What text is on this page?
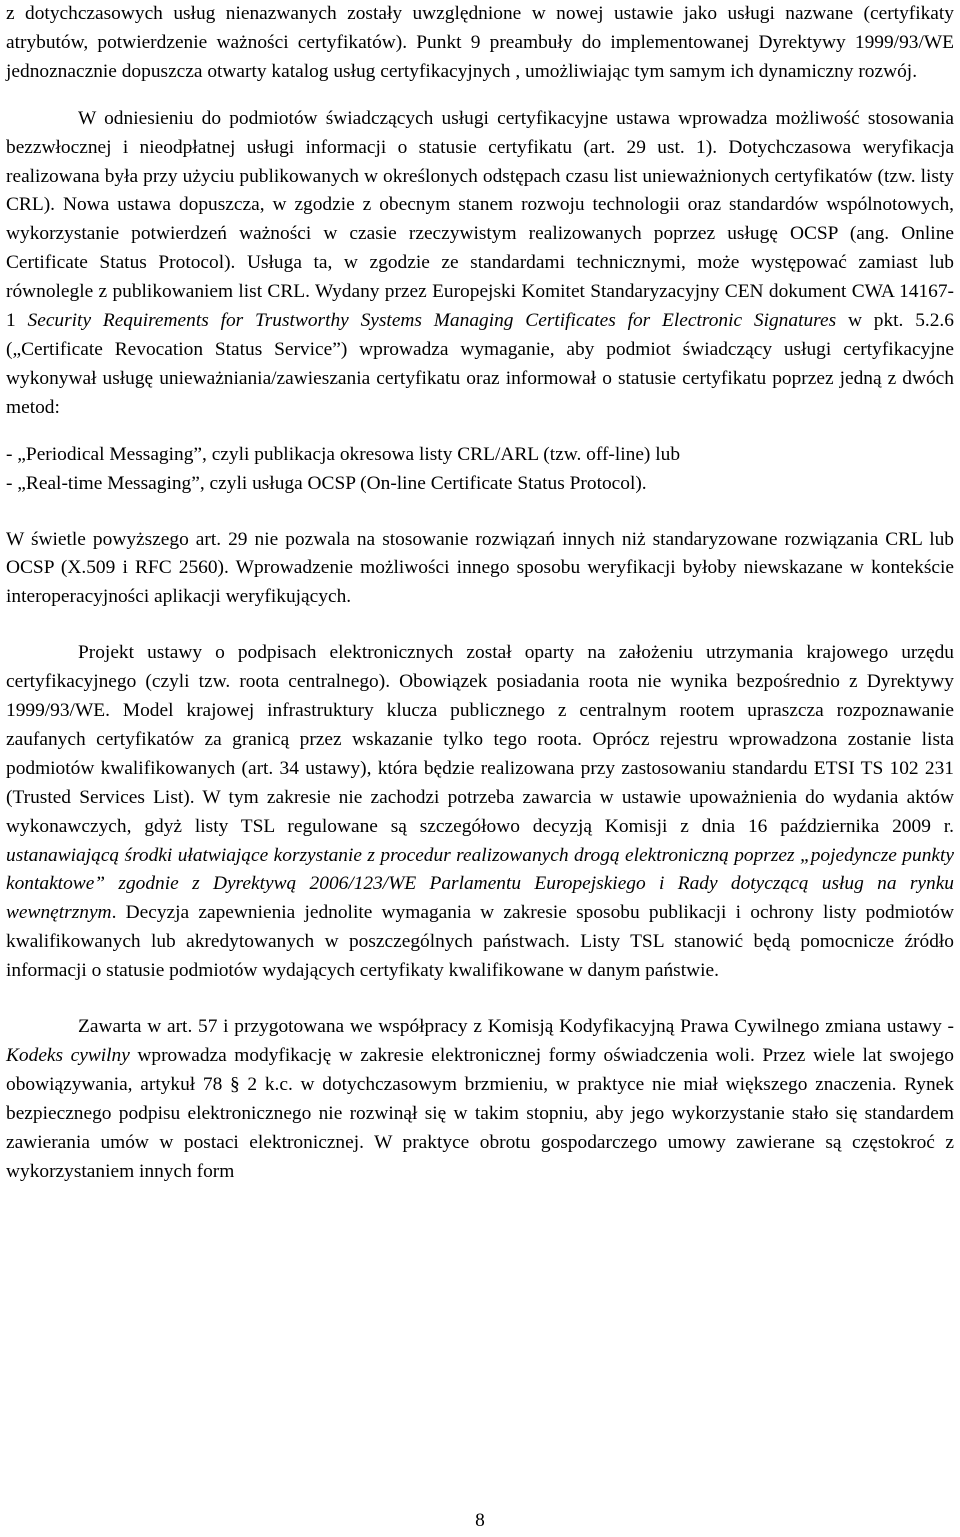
z dotychczasowych usług nienazwanych zostały uwzględnione w nowej ustawie jako usługi nazwane (certyfikaty atrybutów, potwierdzenie ważności certyfikatów). Punkt 9 preambuły do implementowanej Dyrektywy 1999/93/WE jednoznacznie dopuszcza otwarty katalog usług certyfikacyjnych , umożliwiając tym samym ich dynamiczny rozwój.

W odniesieniu do podmiotów świadczących usługi certyfikacyjne ustawa wprowadza możliwość stosowania bezzwłocznej i nieodpłatnej usługi informacji o statusie certyfikatu (art. 29 ust. 1). Dotychczasowa weryfikacja realizowana była przy użyciu publikowanych w określonych odstępach czasu list unieważnionych certyfikatów (tzw. listy CRL). Nowa ustawa dopuszcza, w zgodzie z obecnym stanem rozwoju technologii oraz standardów wspólnotowych, wykorzystanie potwierdzeń ważności w czasie rzeczywistym realizowanych poprzez usługę OCSP (ang. Online Certificate Status Protocol). Usługa ta, w zgodzie ze standardami technicznymi, może występować zamiast lub równolegle z publikowaniem list CRL. Wydany przez Europejski Komitet Standaryzacyjny CEN dokument CWA 14167-1 Security Requirements for Trustworthy Systems Managing Certificates for Electronic Signatures w pkt. 5.2.6 („Certificate Revocation Status Service”) wprowadza wymaganie, aby podmiot świadczący usługi certyfikacyjne wykonywał usługę unieważniania/zawieszania certyfikatu oraz informował o statusie certyfikatu poprzez jedną z dwóch metod:

- „Periodical Messaging”, czyli publikacja okresowa listy CRL/ARL (tzw. off-line) lub
- „Real-time Messaging”, czyli usługa OCSP (On-line Certificate Status Protocol).

W świetle powyższego art. 29 nie pozwala na stosowanie rozwiązań innych niż standaryzowane rozwiązania CRL lub OCSP (X.509 i RFC 2560). Wprowadzenie możliwości innego sposobu weryfikacji byłoby niewskazane w kontekście interoperacyjności aplikacji weryfikujących.

Projekt ustawy o podpisach elektronicznych został oparty na założeniu utrzymania krajowego urzędu certyfikacyjnego (czyli tzw. roota centralnego). Obowiązek posiadania roota nie wynika bezpośrednio z Dyrektywy 1999/93/WE. Model krajowej infrastruktury klucza publicznego z centralnym rootem upraszcza rozpoznawanie zaufanych certyfikatów za granicą przez wskazanie tylko tego roota. Oprócz rejestru wprowadzona zostanie lista podmiotów kwalifikowanych (art. 34 ustawy), która będzie realizowana przy zastosowaniu standardu ETSI TS 102 231 (Trusted Services List). W tym zakresie nie zachodzi potrzeba zawarcia w ustawie upoważnienia do wydania aktów wykonawczych, gdyż listy TSL regulowane są szczegółowo decyzją Komisji z dnia 16 października 2009 r. ustanawiającą środki ułatwiające korzystanie z procedur realizowanych drogą elektroniczną poprzez „pojedyncze punkty kontaktowe” zgodnie z Dyrektywą 2006/123/WE Parlamentu Europejskiego i Rady dotyczącą usług na rynku wewnętrznym. Decyzja zapewnienia jednolite wymagania w zakresie sposobu publikacji i ochrony listy podmiotów kwalifikowanych lub akredytowanych w poszczególnych państwach. Listy TSL stanowić będą pomocnicze źródło informacji o statusie podmiotów wydających certyfikaty kwalifikowane w danym państwie.

Zawarta w art. 57 i przygotowana we współpracy z Komisją Kodyfikacyjną Prawa Cywilnego zmiana ustawy - Kodeks cywilny wprowadza modyfikację w zakresie elektronicznej formy oświadczenia woli. Przez wiele lat swojego obowiązywania, artykuł 78 § 2 k.c. w dotychczasowym brzmieniu, w praktyce nie miał większego znaczenia. Rynek bezpiecznego podpisu elektronicznego nie rozwinął się w takim stopniu, aby jego wykorzystanie stało się standardem zawierania umów w postaci elektronicznej. W praktyce obrotu gospodarczego umowy zawierane są częstokroć z wykorzystaniem innych form

8
